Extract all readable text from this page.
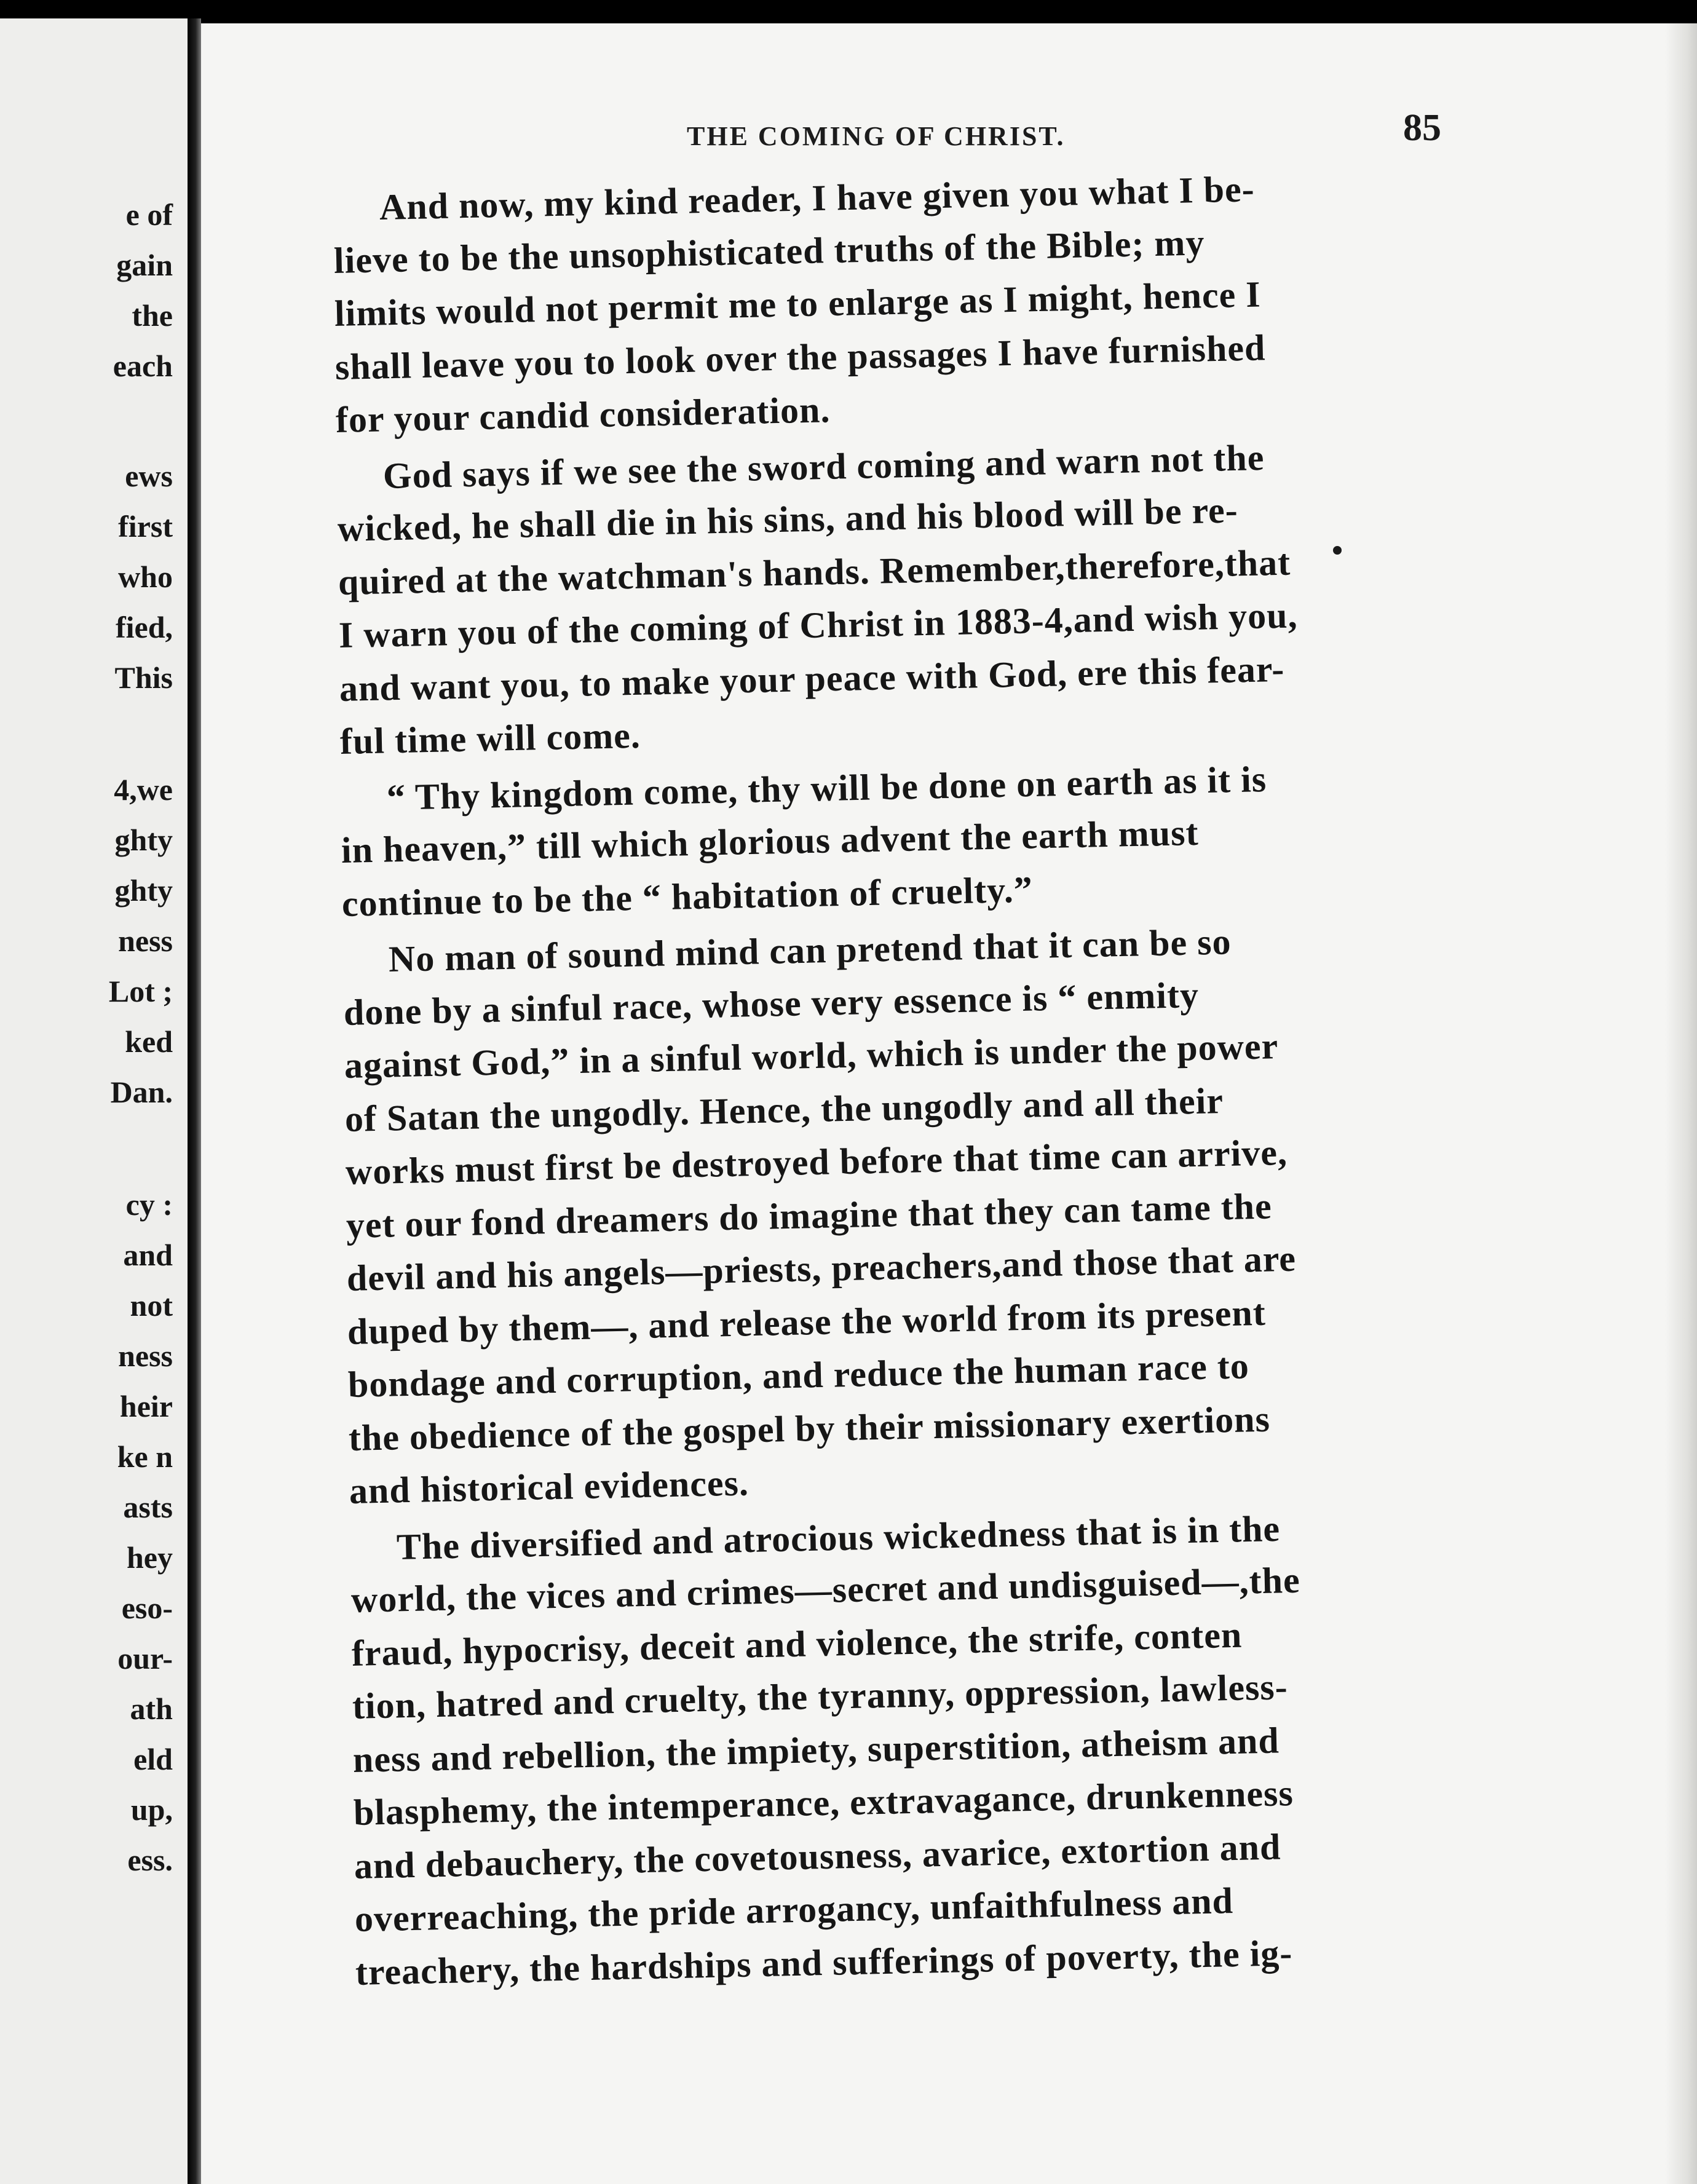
e of
gain
the
each
ews
first
who
fied,
This
4,we
ghty
ghty
ness
Lot ;
ked
Dan.
cy :
and
not
ness
heir
ke n
asts
hey
eso-
our-
ath
eld
up,
ess.
THE COMING OF CHRIST.	85
And now, my kind reader, I have given you what I be-
lieve to be the unsophisticated truths of the Bible; my
limits would not permit me to enlarge as I might, hence I
shall leave you to look over the passages I have furnished
for your candid consideration.
God says if we see the sword coming and warn not the
wicked, he shall die in his sins, and his blood will be re-
quired at the watchman's hands. Remember,therefore,that
I warn you of the coming of Christ in 1883-4,and wish you,
and want you, to make your peace with God, ere this fear-
ful time will come.
“ Thy kingdom come, thy will be done on earth as it is
in heaven,” till which glorious advent the earth must
continue to be the “ habitation of cruelty.”
No man of sound mind can pretend that it can be so
done by a sinful race, whose very essence is “ enmity
against God,” in a sinful world, which is under the power
of Satan the ungodly. Hence, the ungodly and all their
works must first be destroyed before that time can arrive,
yet our fond dreamers do imagine that they can tame the
devil and his angels—priests, preachers,and those that are
duped by them—, and release the world from its present
bondage and corruption, and reduce the human race to
the obedience of the gospel by their missionary exertions
and historical evidences.
The diversified and atrocious wickedness that is in the
world, the vices and crimes—secret and undisguised—,the
fraud, hypocrisy, deceit and violence, the strife, conten
tion, hatred and cruelty, the tyranny, oppression, lawless-
ness and rebellion, the impiety, superstition, atheism and
blasphemy, the intemperance, extravagance, drunkenness
and debauchery, the covetousness, avarice, extortion and
overreaching, the pride arrogancy, unfaithfulness and
treachery, the hardships and sufferings of poverty, the ig-
